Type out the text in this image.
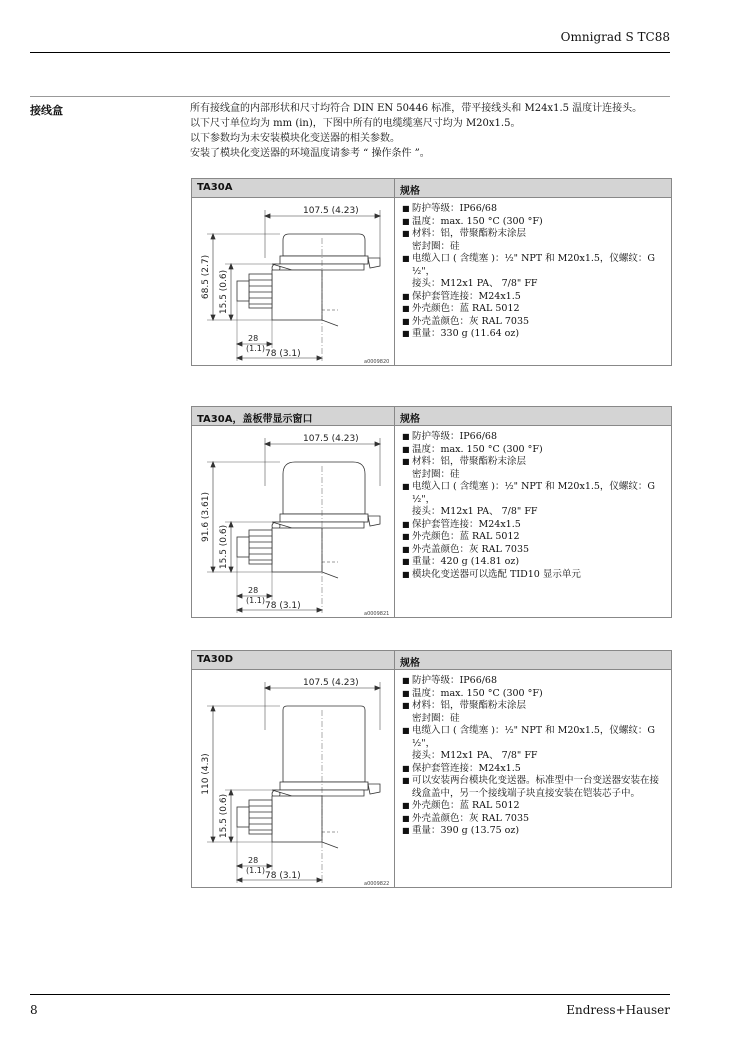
Omnigrad S TC88
接线盒	所有接线盒的内部形状和尺寸均符合 DIN EN 50446 标准，带平接线头和 M24x1.5 温度计连接头。

以下尺寸单位均为 mm (in)，下图中所有的电缆缆塞尺寸均为 M20x1.5。

以下参数均为未安装模块化变送器的相关参数。

安装了模块化变送器的环境温度请参考 “ 操作条件 ”。

TA30A	规格
107.5 (4.23)
68.5 (2.7) 15.5 (0.6)
28
(1.1)
78 (3.1)
a0009820
■ 防护等级：IP66/68
■ 温度：max. 150 °C (300 °F)
■ 材料：铝，带聚酯粉末涂层
密封圈：硅
■ 电缆入口 ( 含缆塞 )：½" NPT 和 M20x1.5，仪螺纹：G ½"，
接头：M12x1 PA、 7/8" FF
■ 保护套管连接：M24x1.5
■ 外壳颜色：蓝 RAL 5012
■ 外壳盖颜色：灰 RAL 7035
■ 重量：330 g (11.64 oz)
TA30A，盖板带显示窗口	规格
107.5 (4.23)
91.6 (3.61)
15.5 (0.6)
28
(1.1)
78 (3.1)
a0009821
■ 防护等级：IP66/68
■ 温度：max. 150 °C (300 °F)
■ 材料：铝，带聚酯粉末涂层
密封圈：硅
■ 电缆入口 ( 含缆塞 )：½" NPT 和 M20x1.5，仪螺纹：G ½"，
接头：M12x1 PA、 7/8" FF
■ 保护套管连接：M24x1.5
■ 外壳颜色：蓝 RAL 5012
■ 外壳盖颜色：灰 RAL 7035
■ 重量：420 g (14.81 oz)
■ 模块化变送器可以选配 TID10 显示单元
TA30D	规格
107.5 (4.23)
110 (4.3)
15.5 (0.6)
28
(1.1)
78 (3.1)
a0009822
■ 防护等级：IP66/68
■ 温度：max. 150 °C (300 °F)
■ 材料：铝，带聚酯粉末涂层
密封圈：硅
■ 电缆入口 ( 含缆塞 )：½" NPT 和 M20x1.5，仪螺纹：G ½"，
接头：M12x1 PA、 7/8" FF
■ 保护套管连接：M24x1.5
■ 可以安装两台模块化变送器。标准型中一台变送器安装在接
线盒盖中，另一个接线端子块直接安装在铠装芯子中。
■ 外壳颜色：蓝 RAL 5012
■ 外壳盖颜色：灰 RAL 7035
■ 重量：390 g (13.75 oz)
8	Endress+Hauser
